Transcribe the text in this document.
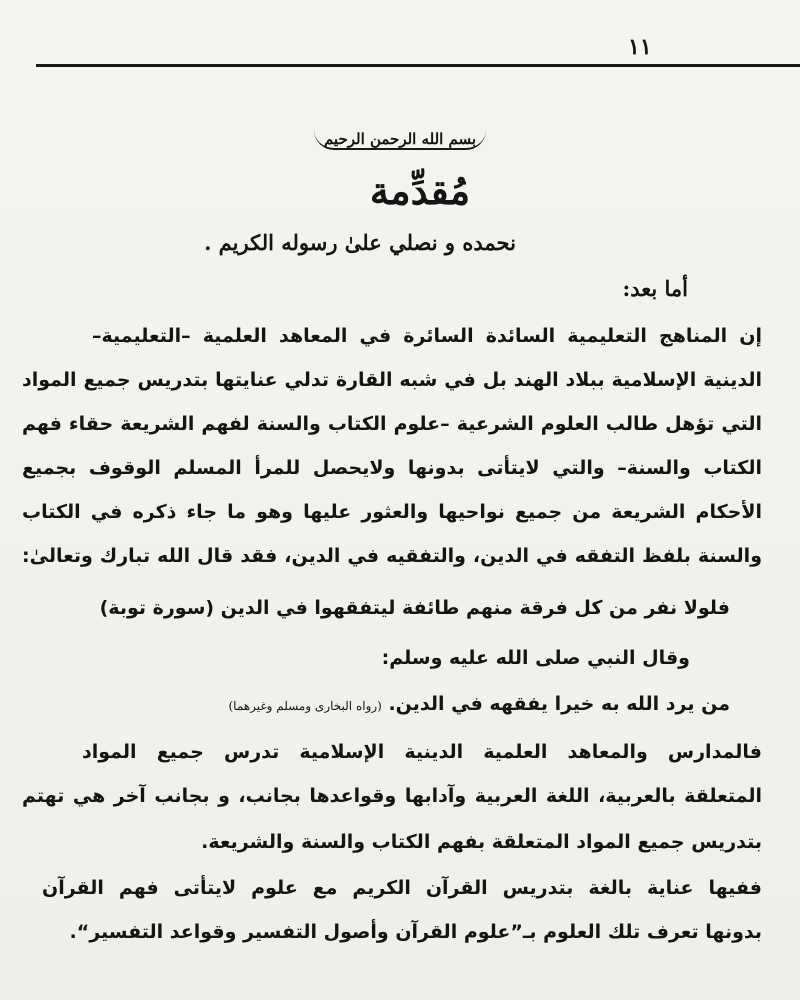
١١
بسم الله الرحمن الرحيم
مُقدِّمة
نحمده و نصلي علىٰ رسوله الكريم .
أما بعد:
إن المناهج التعليمية السائدة السائرة في المعاهد العلمية –التعليمية–
الدينية الإسلامية ببلاد الهند بل في شبه القارة تدلي عنايتها بتدريس جميع المواد
التي تؤهل طالب العلوم الشرعية –علوم الكتاب والسنة لفهم الشريعة حقاء فهم
الكتاب والسنة– والتي لايتأتى بدونها ولايحصل للمرأ المسلم الوقوف بجميع
الأحكام الشريعة من جميع نواحيها والعثور عليها وهو ما جاء ذكره في الكتاب
والسنة بلفظ التفقه في الدين، والتفقيه في الدين، فقد قال الله تبارك وتعالىٰ:
فلولا نفر من كل فرقة منهم طائفة ليتفقهوا في الدين (سورة توبة)
وقال النبي صلى الله عليه وسلم:
من يرد الله به خيرا يفقهه في الدين. (رواه البخارى ومسلم وغيرهما)
فالمدارس والمعاهد العلمية الدينية الإسلامية تدرس جميع المواد
المتعلقة بالعربية، اللغة العربية وآدابها وقواعدها بجانب، و بجانب آخر هي تهتم
بتدريس جميع المواد المتعلقة بفهم الكتاب والسنة والشريعة.
ففيها عناية بالغة بتدريس القرآن الكريم مع علوم لايتأتى فهم القرآن
بدونها تعرف تلك العلوم بـ”علوم القرآن وأصول التفسير وقواعد التفسير“.
